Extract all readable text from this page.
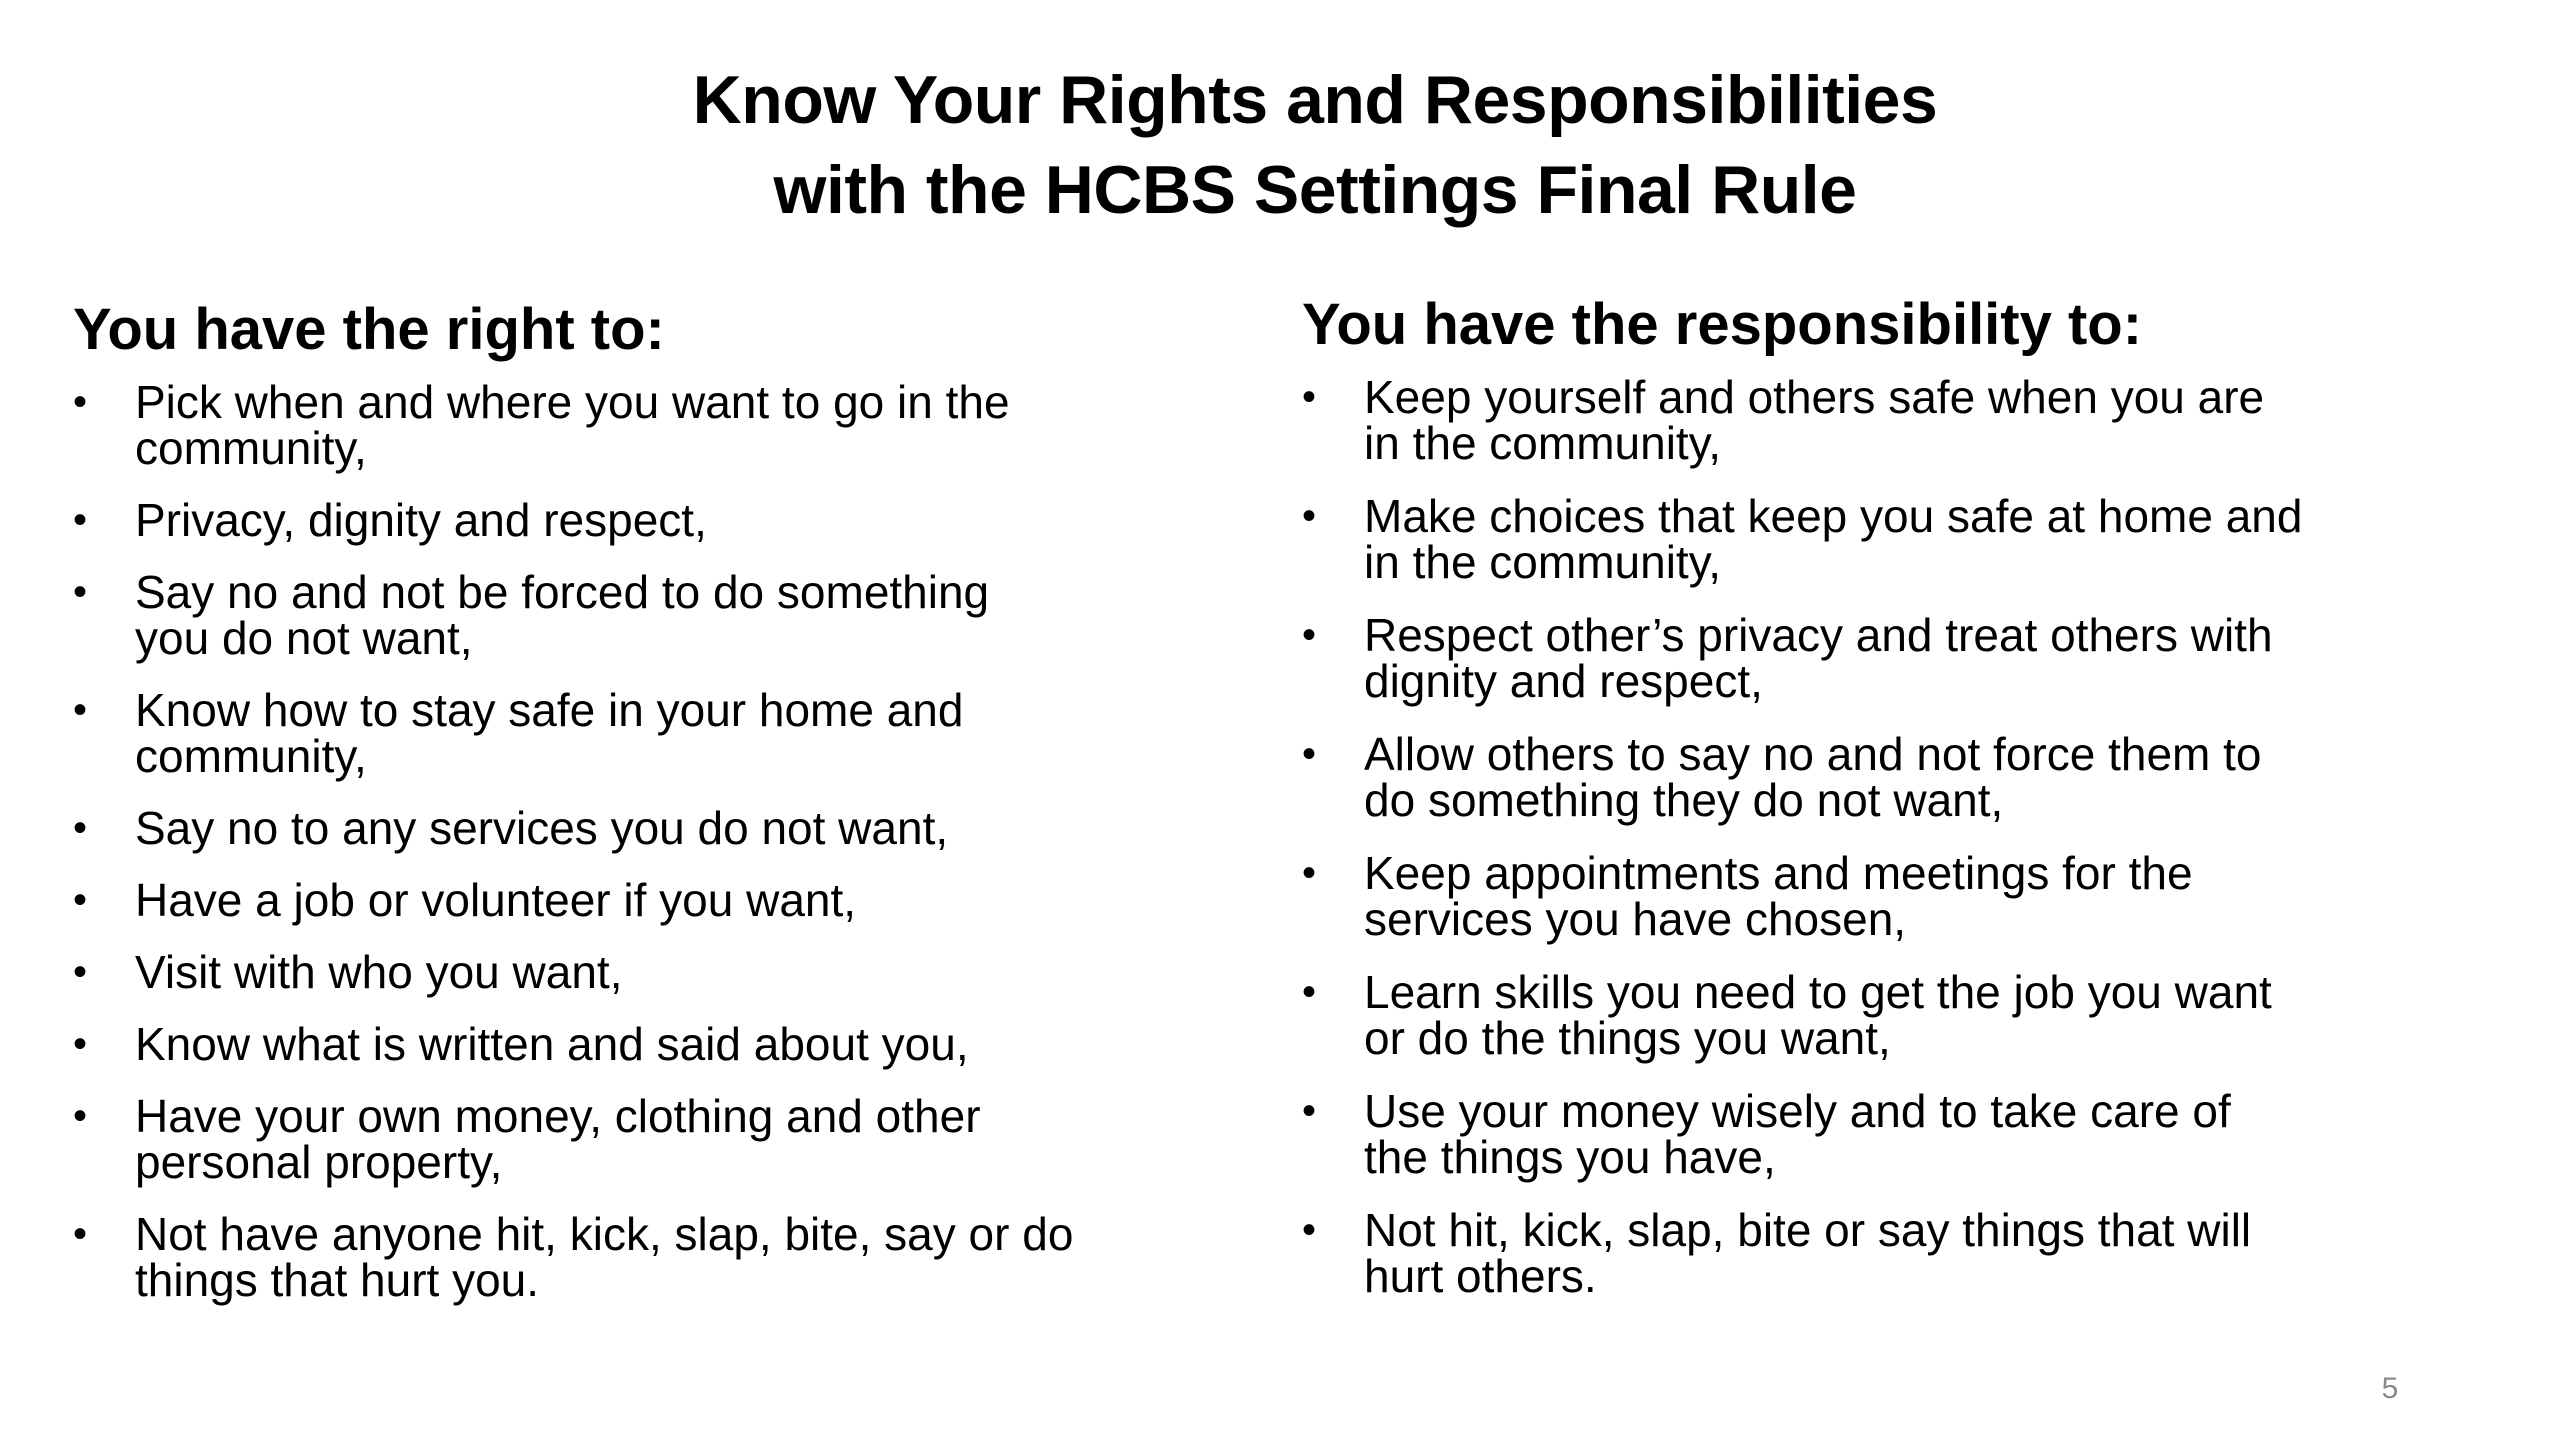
Know Your Rights and Responsibilities
with the HCBS Settings Final Rule
You have the right to:
• Pick when and where you want to go in the
community,
• Privacy, dignity and respect,
• Say no and not be forced to do something
you do not want,
• Know how to stay safe in your home and
community,
• Say no to any services you do not want,
• Have a job or volunteer if you want,
• Visit with who you want,
• Know what is written and said about you,
• Have your own money, clothing and other
personal property,
• Not have anyone hit, kick, slap, bite, say or do
things that hurt you.
You have the responsibility to:
• Keep yourself and others safe when you are
in the community,
• Make choices that keep you safe at home and
in the community,
• Respect other’s privacy and treat others with
dignity and respect,
• Allow others to say no and not force them to
do something they do not want,
• Keep appointments and meetings for the
services you have chosen,
• Learn skills you need to get the job you want
or do the things you want,
• Use your money wisely and to take care of
the things you have,
• Not hit, kick, slap, bite or say things that will
hurt others.
5
